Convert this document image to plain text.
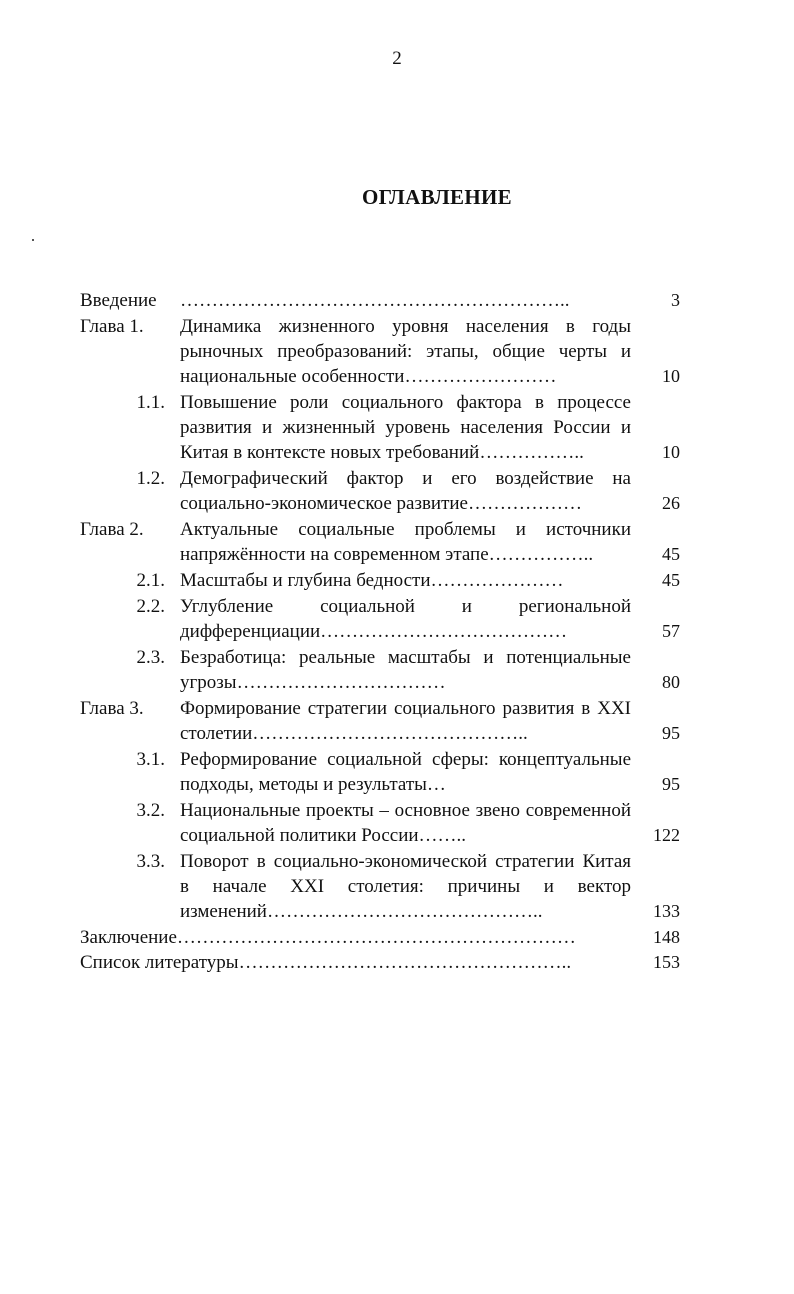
2
ОГЛАВЛЕНИЕ
Введение	……………………………………………………..	3
Глава 1.	Динамика жизненного уровня населения в годы рыночных преобразований: этапы, общие черты и национальные особенности……………………	10
1.1. Повышение роли социального фактора в процессе развития и жизненный уровень населения России и Китая в контексте новых требований……………..	10
1.2. Демографический фактор и его воздействие на социально-экономическое развитие………………	26
Глава 2.	Актуальные социальные проблемы и источники напряжённости на современном этапе……………..	45
2.1. Масштабы и глубина бедности…………………	45
2.2. Углубление социальной и региональной дифференциации…………………………………	57
2.3. Безработица: реальные масштабы и потенциальные угрозы……………………………	80
Глава 3.	Формирование стратегии социального развития в XXI столетии……………………………………..	95
3.1. Реформирование социальной сферы: концептуальные подходы, методы и результаты…	95
3.2. Национальные проекты – основное звено современной социальной политики России……..	122
3.3. Поворот в социально-экономической стратегии Китая в начале XXI столетия: причины и вектор изменений……………………………………..	133
Заключение………………………………………………………	148
Список литературы……………………………………………..	153
